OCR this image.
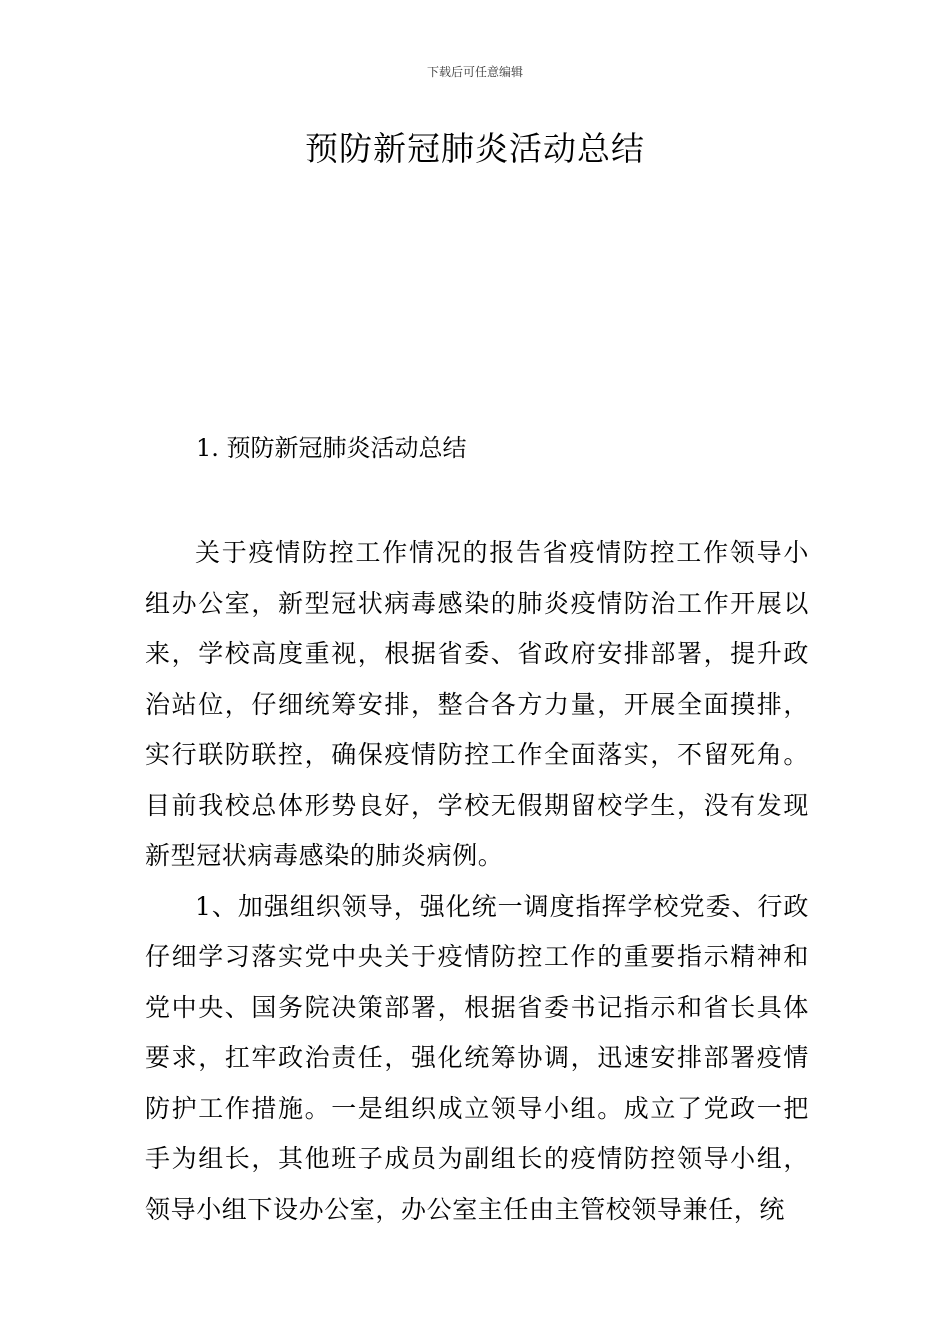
下载后可任意编辑
预防新冠肺炎活动总结
1. 预防新冠肺炎活动总结

关于疫情防控工作情况的报告省疫情防控工作领导小组办公室，新型冠状病毒感染的肺炎疫情防治工作开展以来，学校高度重视，根据省委、省政府安排部署，提升政治站位，仔细统筹安排，整合各方力量，开展全面摸排，实行联防联控，确保疫情防控工作全面落实，不留死角。目前我校总体形势良好，学校无假期留校学生，没有发现新型冠状病毒感染的肺炎病例。

1、加强组织领导，强化统一调度指挥学校党委、行政仔细学习落实党中央关于疫情防控工作的重要指示精神和党中央、国务院决策部署，根据省委书记指示和省长具体要求，扛牢政治责任，强化统筹协调，迅速安排部署疫情防护工作措施。一是组织成立领导小组。成立了党政一把手为组长，其他班子成员为副组长的疫情防控领导小组，领导小组下设办公室，办公室主任由主管校领导兼任，统
